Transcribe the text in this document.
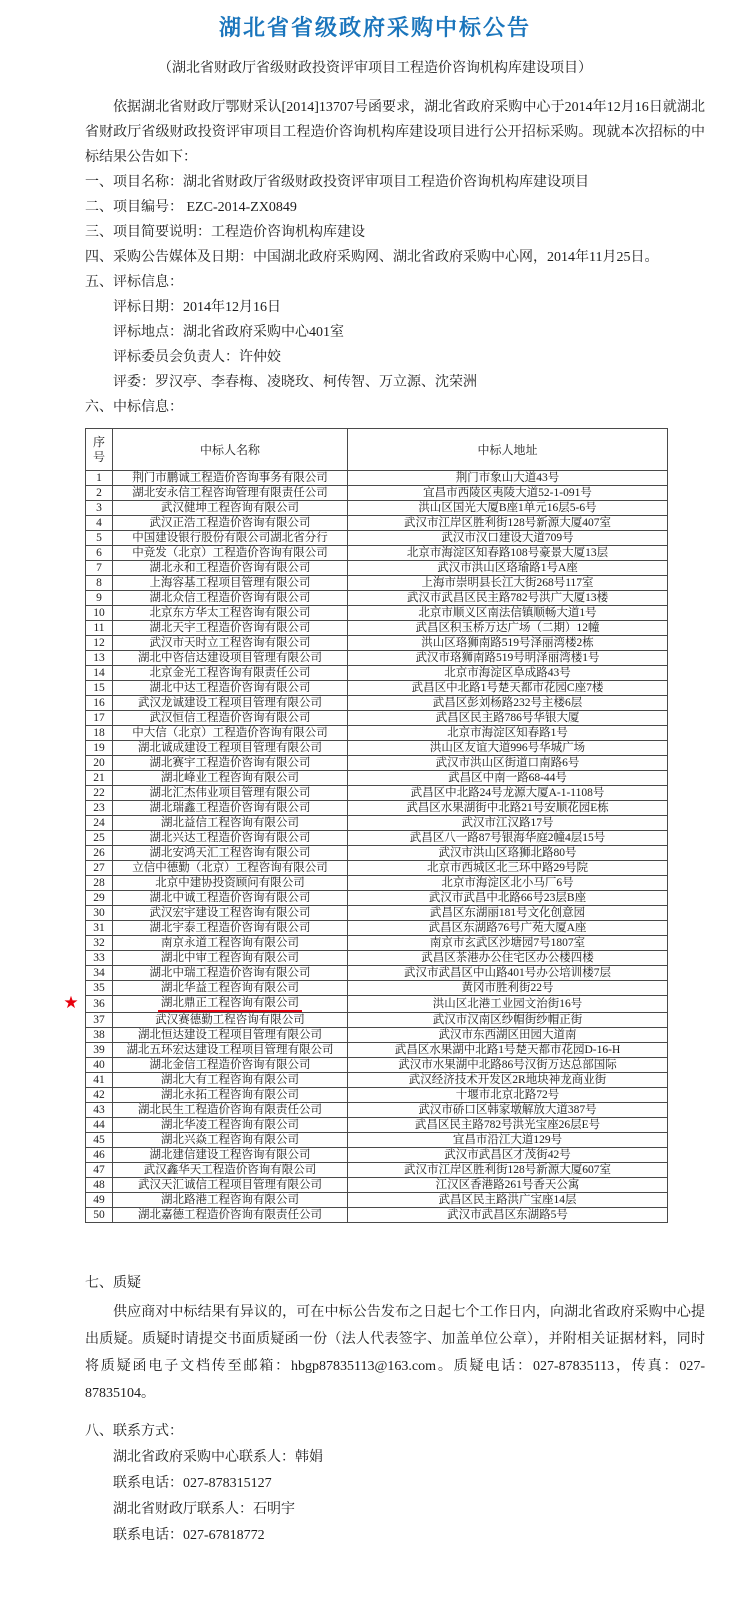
湖北省省级政府采购中标公告
（湖北省财政厅省级财政投资评审项目工程造价咨询机构库建设项目）
依据湖北省财政厅鄂财采认[2014]13707号函要求，湖北省政府采购中心于2014年12月16日就湖北省财政厅省级财政投资评审项目工程造价咨询机构库建设项目进行公开招标采购。现就本次招标的中标结果公告如下：
一、项目名称：湖北省财政厅省级财政投资评审项目工程造价咨询机构库建设项目
二、项目编号： EZC-2014-ZX0849
三、项目简要说明：工程造价咨询机构库建设
四、采购公告媒体及日期：中国湖北政府采购网、湖北省政府采购中心网，2014年11月25日。
五、评标信息：
评标日期：2014年12月16日
评标地点：湖北省政府采购中心401室
评标委员会负责人：许仲姣
评委：罗汉亭、李春梅、凌晓玫、柯传智、万立源、沈荣洲
六、中标信息：
序号	中标人名称	中标人地址

1	荆门市鹏诚工程造价咨询事务有限公司	荆门市象山大道43号

2	湖北安永信工程咨询管理有限责任公司	宜昌市西陵区夷陵大道52-1-091号

3	武汉健坤工程咨询有限公司	洪山区国光大厦B座1单元16层5-6号

4	武汉正浩工程造价咨询有限公司	武汉市江岸区胜利街128号新源大厦407室

5	中国建设银行股份有限公司湖北省分行	武汉市汉口建设大道709号

6	中竞发（北京）工程造价咨询有限公司	北京市海淀区知春路108号豪景大厦13层

7	湖北永和工程造价咨询有限公司	武汉市洪山区珞瑜路1号A座

8	上海容基工程项目管理有限公司	上海市崇明县长江大街268号117室

9	湖北众信工程造价咨询有限公司	武汉市武昌区民主路782号洪广大厦13楼

10	北京东方华太工程咨询有限公司	北京市顺义区南法信镇顺畅大道1号

11	湖北天宇工程造价咨询有限公司	武昌区积玉桥万达广场（二期）12幢

12	武汉市天时立工程咨询有限公司	洪山区珞狮南路519号泽丽湾楼2栋

13	湖北中咨信达建设项目管理有限公司	武汉市珞狮南路519号明泽丽湾楼1号

14	北京金光工程咨询有限责任公司	北京市海淀区阜成路43号

15	湖北中达工程造价咨询有限公司	武昌区中北路1号楚天都市花园C座7楼

16	武汉龙诚建设工程项目管理有限公司	武昌区彭刘杨路232号主楼6层

17	武汉恒信工程造价咨询有限公司	武昌区民主路786号华银大厦

18	中大信（北京）工程造价咨询有限公司	北京市海淀区知春路1号

19	湖北诚成建设工程项目管理有限公司	洪山区友谊大道996号华城广场

20	湖北赛宇工程造价咨询有限公司	武汉市洪山区街道口南路6号

21	湖北峰业工程咨询有限公司	武昌区中南一路68-44号

22	湖北汇杰伟业项目管理有限公司	武昌区中北路24号龙源大厦A-1-1108号

23	湖北瑞鑫工程造价咨询有限公司	武昌区水果湖街中北路21号安顺花园E栋

24	湖北益信工程咨询有限公司	武汉市江汉路17号

25	湖北兴达工程造价咨询有限公司	武昌区八一路87号银海华庭2幢4层15号

26	湖北安鸿天汇工程咨询有限公司	武汉市洪山区珞狮北路80号

27	立信中德勤（北京）工程咨询有限公司	北京市西城区北三环中路29号院

28	北京中建协投资顾问有限公司	北京市海淀区北小马厂6号

29	湖北中诚工程造价咨询有限公司	武汉市武昌中北路66号23层B座

30	武汉宏宇建设工程咨询有限公司	武昌区东湖丽181号文化创意园

31	湖北宇泰工程造价咨询有限公司	武昌区东湖路76号广苑大厦A座

32	南京永道工程咨询有限公司	南京市玄武区沙塘园7号1807室

33	湖北中审工程咨询有限公司	武昌区茶港办公住宅区办公楼四楼

34	湖北中瑞工程造价咨询有限公司	武汉市武昌区中山路401号办公培训楼7层

35	湖北华益工程咨询有限公司	黄冈市胜利街22号

★ 36	湖北鼎正工程咨询有限公司	洪山区北港工业园文治街16号

37	武汉赛德勤工程咨询有限公司	武汉市汉南区纱帽街纱帽正街

38	湖北恒达建设工程项目管理有限公司	武汉市东西湖区田园大道南

39	湖北五环宏达建设工程项目管理有限公司	武昌区水果湖中北路1号楚天都市花园D-16-H

40	湖北金信工程造价咨询有限公司	武汉市水果湖中北路86号汉街万达总部国际

41	湖北大有工程咨询有限公司	武汉经济技术开发区2R地块神龙商业街

42	湖北永拓工程咨询有限公司	十堰市北京北路72号

43	湖北民生工程造价咨询有限责任公司	武汉市硚口区韩家墩解放大道387号

44	湖北华凌工程咨询有限公司	武昌区民主路782号洪光宝座26层E号

45	湖北兴焱工程咨询有限公司	宜昌市沿江大道129号

46	湖北建信建设工程咨询有限公司	武汉市武昌区才茂街42号

47	武汉鑫华天工程造价咨询有限公司	武汉市江岸区胜利街128号新源大厦607室

48	武汉天汇诚信工程项目管理有限公司	江汉区香港路261号香天公寓

49	湖北路港工程咨询有限公司	武昌区民主路洪广宝座14层

50	湖北嘉德工程造价咨询有限责任公司	武汉市武昌区东湖路5号
七、质疑
供应商对中标结果有异议的，可在中标公告发布之日起七个工作日内，向湖北省政府采购中心提出质疑。质疑时请提交书面质疑函一份（法人代表签字、加盖单位公章），并附相关证据材料，同时将质疑函电子文档传至邮箱：hbgp87835113@163.com。质疑电话：027-87835113，传真：027-87835104。
八、联系方式：
湖北省政府采购中心联系人：韩娟
联系电话：027-878315127
湖北省财政厅联系人：石明宇
联系电话：027-67818772
